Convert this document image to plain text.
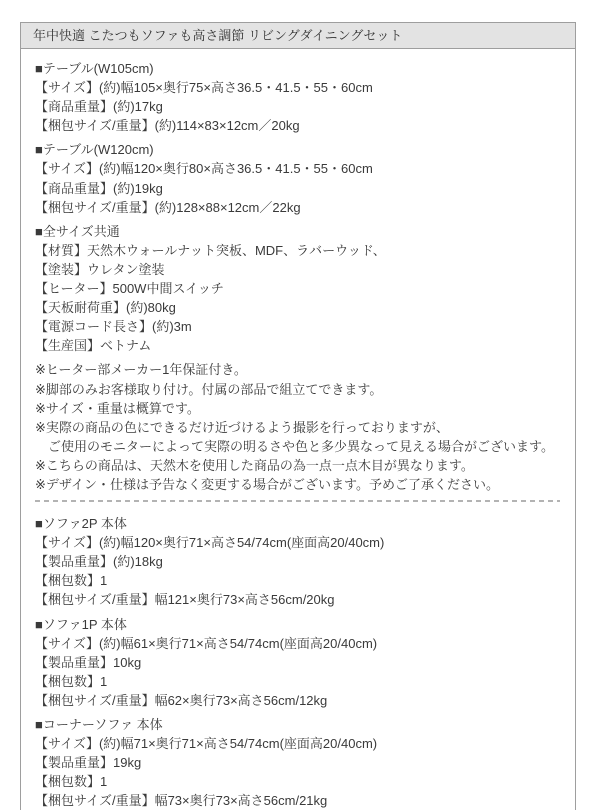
年中快適 こたつもソファも高さ調節 リビングダイニングセット
■テーブル(W105cm)
【サイズ】(約)幅105×奥行75×高さ36.5・41.5・55・60cm
【商品重量】(約)17kg
【梱包サイズ/重量】(約)114×83×12cm／20kg
■テーブル(W120cm)
【サイズ】(約)幅120×奥行80×高さ36.5・41.5・55・60cm
【商品重量】(約)19kg
【梱包サイズ/重量】(約)128×88×12cm／22kg
■全サイズ共通
【材質】天然木ウォールナット突板、MDF、ラバーウッド、
【塗装】ウレタン塗装
【ヒーター】500W中間スイッチ
【天板耐荷重】(約)80kg
【電源コード長さ】(約)3m
【生産国】ベトナム
※ヒーター部メーカー1年保証付き。
※脚部のみお客様取り付け。付属の部品で組立てできます。
※サイズ・重量は概算です。
※実際の商品の色にできるだけ近づけるよう撮影を行っておりますが、
　ご使用のモニターによって実際の明るさや色と多少異なって見える場合がございます。
※こちらの商品は、天然木を使用した商品の為一点一点木目が異なります。
※デザイン・仕様は予告なく変更する場合がございます。予めご了承ください。
■ソファ2P 本体
【サイズ】(約)幅120×奥行71×高さ54/74cm(座面高20/40cm)
【製品重量】(約)18kg
【梱包数】1
【梱包サイズ/重量】幅121×奥行73×高さ56cm/20kg
■ソファ1P 本体
【サイズ】(約)幅61×奥行71×高さ54/74cm(座面高20/40cm)
【製品重量】10kg
【梱包数】1
【梱包サイズ/重量】幅62×奥行73×高さ56cm/12kg
■コーナーソファ 本体
【サイズ】(約)幅71×奥行71×高さ54/74cm(座面高20/40cm)
【製品重量】19kg
【梱包数】1
【梱包サイズ/重量】幅73×奥行73×高さ56cm/21kg
